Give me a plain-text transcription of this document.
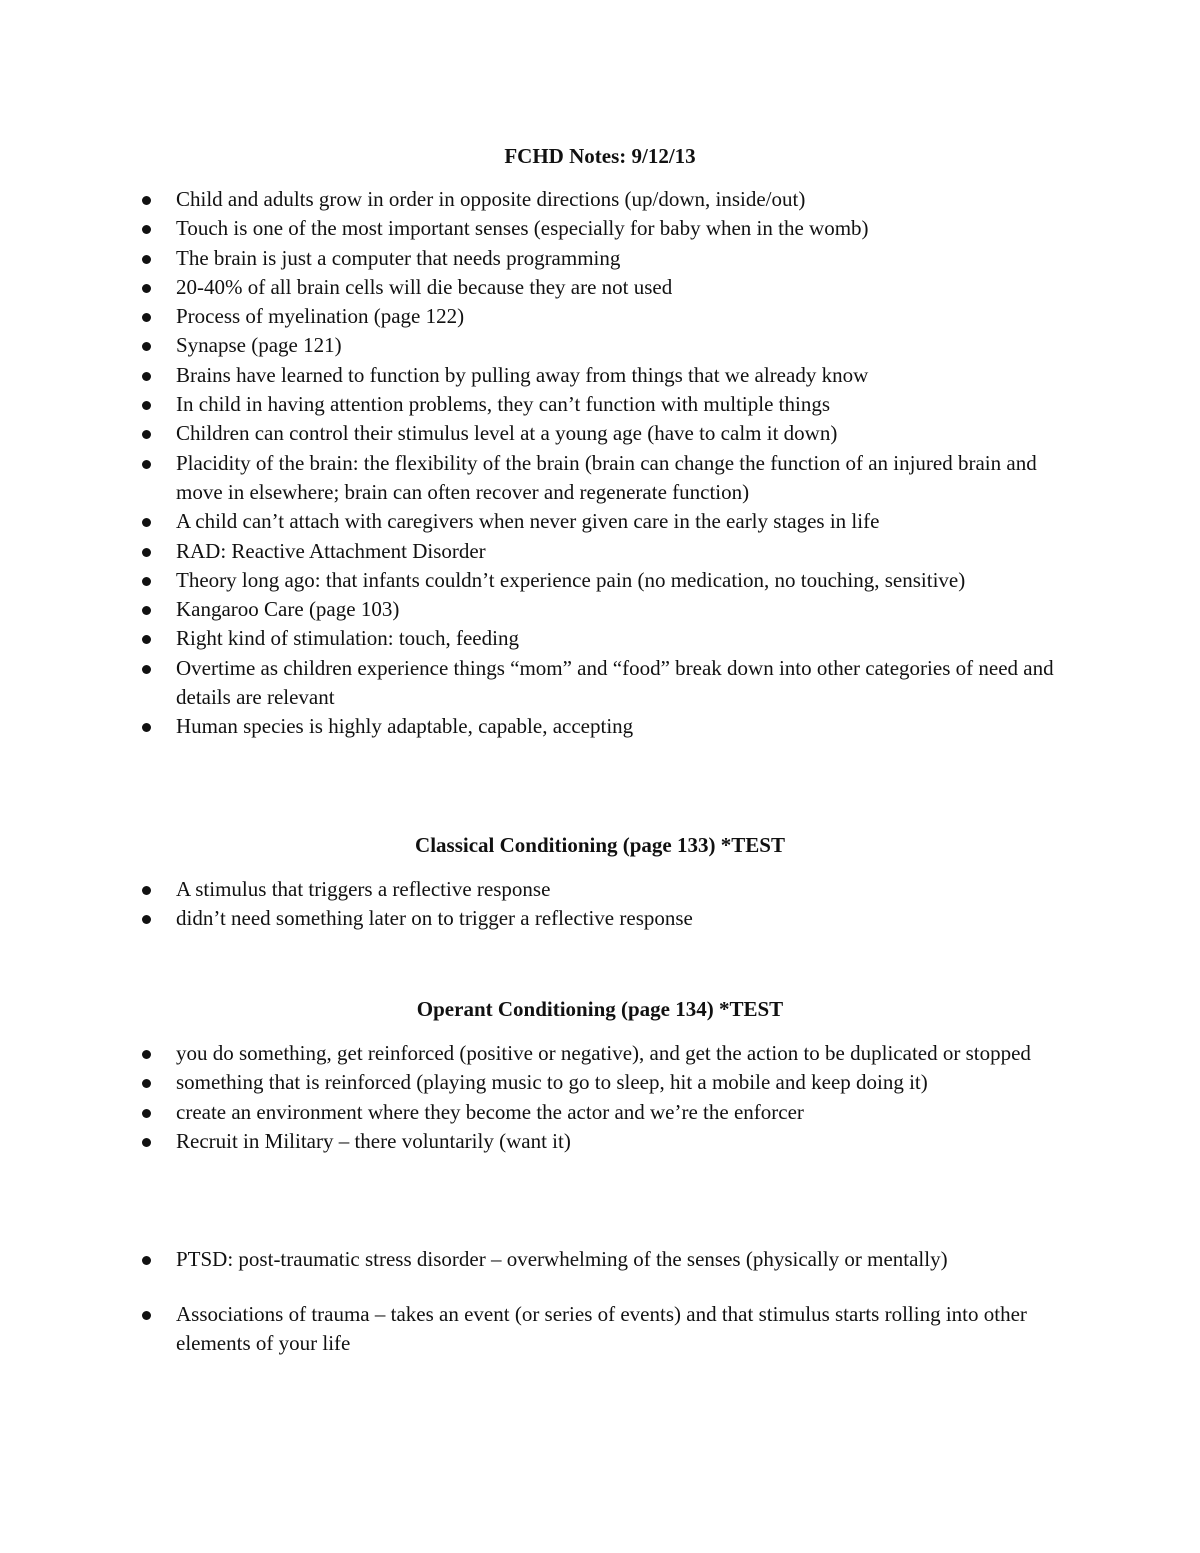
FCHD Notes: 9/12/13
Child and adults grow in order in opposite directions (up/down, inside/out)
Touch is one of the most important senses (especially for baby when in the womb)
The brain is just a computer that needs programming
20-40% of all brain cells will die because they are not used
Process of myelination (page 122)
Synapse (page 121)
Brains have learned to function by pulling away from things that we already know
In child in having attention problems, they can’t function with multiple things
Children can control their stimulus level at a young age (have to calm it down)
Placidity of the brain: the flexibility of the brain (brain can change the function of an injured brain and move in elsewhere; brain can often recover and regenerate function)
A child can’t attach with caregivers when never given care in the early stages in life
RAD: Reactive Attachment Disorder
Theory long ago: that infants couldn’t experience pain (no medication, no touching, sensitive)
Kangaroo Care (page 103)
Right kind of stimulation: touch, feeding
Overtime as children experience things “mom” and “food” break down into other categories of need and details are relevant
Human species is highly adaptable, capable, accepting
Classical Conditioning (page 133) *TEST
A stimulus that triggers a reflective response
didn’t need something later on to trigger a reflective response
Operant Conditioning (page 134) *TEST
you do something, get reinforced (positive or negative), and get the action to be duplicated or stopped
something that is reinforced (playing music to go to sleep, hit a mobile and keep doing it)
create an environment where they become the actor and we’re the enforcer
Recruit in Military – there voluntarily (want it)
PTSD: post-traumatic stress disorder – overwhelming of the senses (physically or mentally)
Associations of trauma – takes an event (or series of events) and that stimulus starts rolling into other elements of your life
